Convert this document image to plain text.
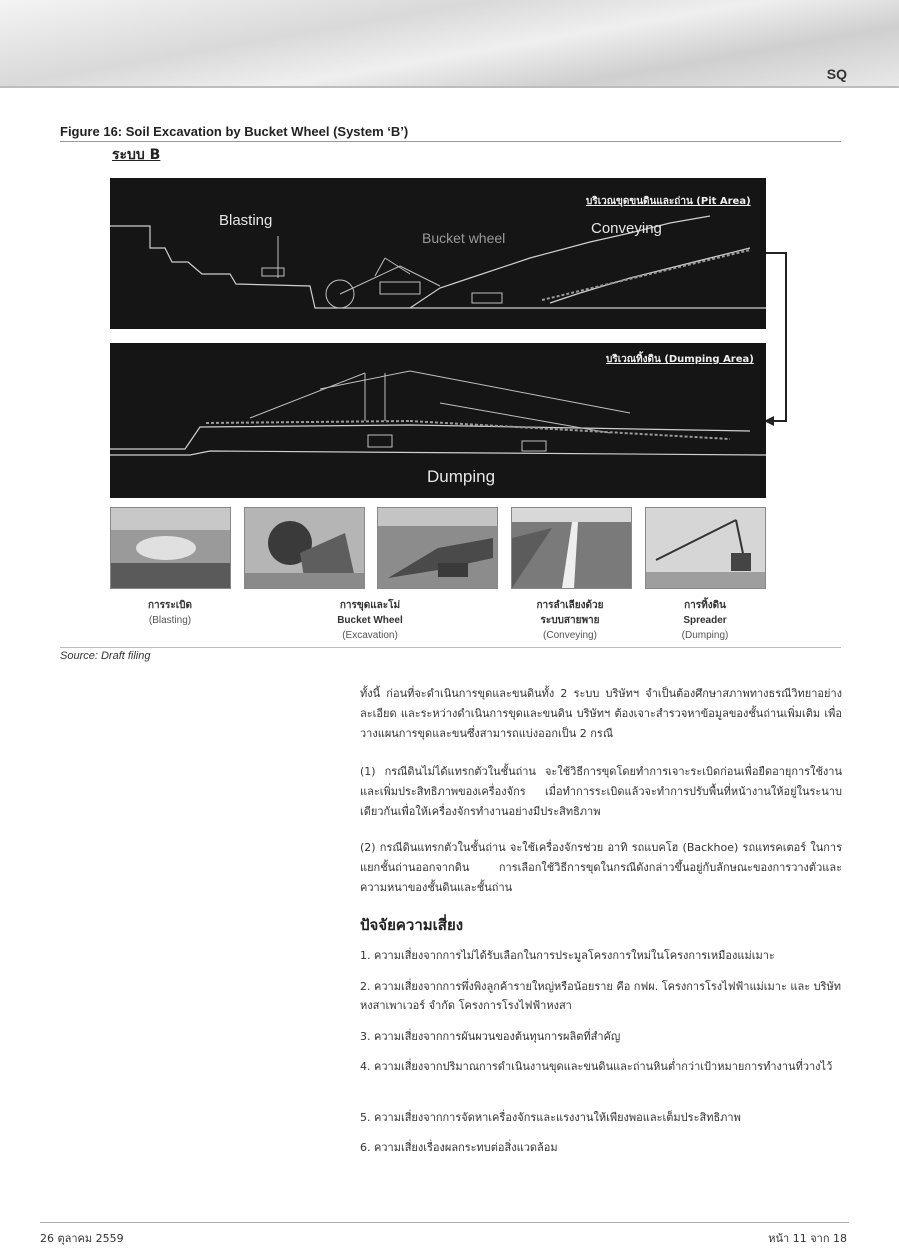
SQ
Figure 16: Soil Excavation by Bucket Wheel (System ‘B’)
ระบบ B
บริเวณขุดขนดินและถ่าน (Pit Area)
Blasting
Bucket wheel
Conveying
บริเวณทิ้งดิน (Dumping Area)
Dumping
การระเบิด
(Blasting)
การขุดและโม่
Bucket Wheel
(Excavation)
การลำเลียงด้วย
ระบบสายพาย
(Conveying)
การทิ้งดิน
Spreader
(Dumping)
Source: Draft filing
ทั้งนี้ ก่อนที่จะดำเนินการขุดและขนดินทั้ง 2 ระบบ บริษัทฯ จำเป็นต้องศึกษาสภาพทางธรณีวิทยาอย่างละเอียด และระหว่างดำเนินการขุดและขนดิน บริษัทฯ ต้องเจาะสำรวจหาข้อมูลของชั้นถ่านเพิ่มเติม เพื่อวางแผนการขุดและขนซึ่งสามารถแบ่งออกเป็น 2 กรณี
(1) กรณีดินไม่ได้แทรกตัวในชั้นถ่าน จะใช้วิธีการขุดโดยทำการเจาะระเบิดก่อนเพื่อยืดอายุการใช้งานและเพิ่มประสิทธิภาพของเครื่องจักร เมื่อทำการระเบิดแล้วจะทำการปรับพื้นที่หน้างานให้อยู่ในระนาบเดียวกันเพื่อให้เครื่องจักรทำงานอย่างมีประสิทธิภาพ
(2) กรณีดินแทรกตัวในชั้นถ่าน จะใช้เครื่องจักรช่วย อาทิ รถแบคโฮ (Backhoe) รถแทรคเตอร์ ในการแยกชั้นถ่านออกจากดิน การเลือกใช้วิธีการขุดในกรณีดังกล่าวขึ้นอยู่กับลักษณะของการวางตัวและความหนาของชั้นดินและชั้นถ่าน
ปัจจัยความเสี่ยง
1. ความเสี่ยงจากการไม่ได้รับเลือกในการประมูลโครงการใหม่ในโครงการเหมืองแม่เมาะ
2. ความเสี่ยงจากการพึ่งพิงลูกค้ารายใหญ่หรือน้อยราย คือ กฟผ. โครงการโรงไฟฟ้าแม่เมาะ และ บริษัท หงสาเพาเวอร์ จำกัด โครงการโรงไฟฟ้าหงสา
3. ความเสี่ยงจากการผันผวนของต้นทุนการผลิตที่สำคัญ
4. ความเสี่ยงจากปริมาณการดำเนินงานขุดและขนดินและถ่านหินต่ำกว่าเป้าหมายการทำงานที่วางไว้
5. ความเสี่ยงจากการจัดหาเครื่องจักรและแรงงานให้เพียงพอและเต็มประสิทธิภาพ
6. ความเสี่ยงเรื่องผลกระทบต่อสิ่งแวดล้อม
26 ตุลาคม 2559	หน้า 11 จาก 18
